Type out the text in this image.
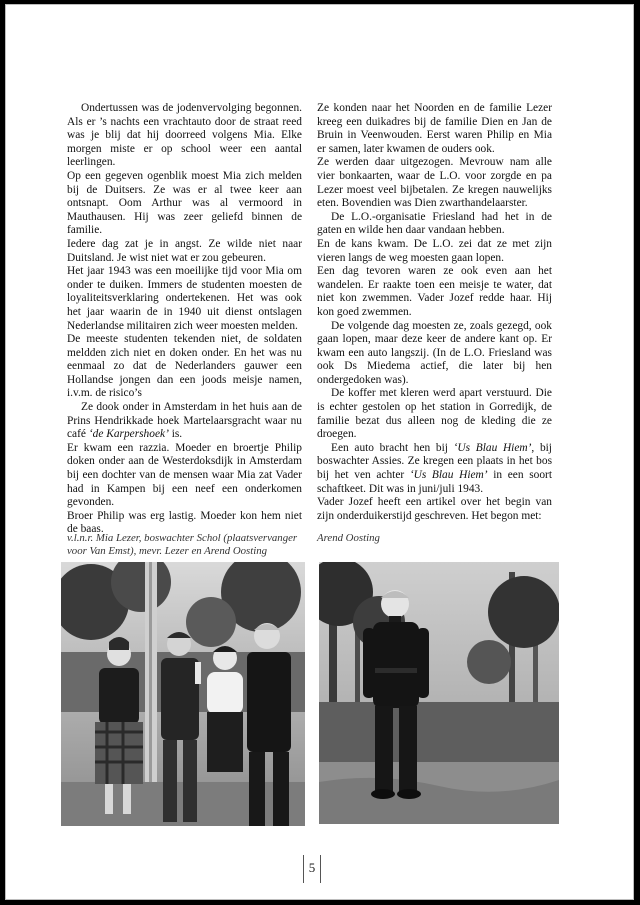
Ondertussen was de jodenvervolging begonnen. Als er ’s nachts een vrachtauto door de straat reed was je blij dat hij doorreed volgens Mia. Elke morgen miste er op school weer een aantal leerlingen.

Op een gegeven ogenblik moest Mia zich melden bij de Duitsers. Ze was er al twee keer aan ontsnapt. Oom Arthur was al vermoord in Mauthausen. Hij was zeer geliefd binnen de familie.

Iedere dag zat je in angst. Ze wilde niet naar Duitsland. Je wist niet wat er zou gebeuren.

Het jaar 1943 was een moeilijke tijd voor Mia om onder te duiken. Immers de studenten moesten de loyaliteitsverklaring ondertekenen. Het was ook het jaar waarin de in 1940 uit dienst ontslagen Nederlandse militairen zich weer moesten melden.

De meeste studenten tekenden niet, de soldaten meldden zich niet en doken onder. En het was nu eenmaal zo dat de Nederlanders gauwer een Hollandse jongen dan een joods meisje namen, i.v.m. de risico’s

Ze dook onder in Amsterdam in het huis aan de Prins Hendrikkade hoek Martelaarsgracht waar nu café ‘de Karpershoek’ is.

Er kwam een razzia. Moeder en broertje Philip doken onder aan de Westerdoksdijk in Amsterdam bij een dochter van de mensen waar Mia zat Vader had in Kampen bij een neef een onderkomen gevonden.

Broer Philip was erg lastig. Moeder kon hem niet de baas.

Ze konden naar het Noorden en de familie Lezer kreeg een duikadres bij de familie Dien en Jan de Bruin in Veenwouden. Eerst waren Philip en Mia er samen, later kwamen de ouders ook.

Ze werden daar uitgezogen. Mevrouw nam alle vier bonkaarten, waar de L.O. voor zorgde en pa Lezer moest veel bijbetalen. Ze kregen nauwelijks eten. Bovendien was Dien zwarthandelaarster.

De L.O.-organisatie Friesland had het in de gaten en wilde hen daar vandaan hebben.

En de kans kwam. De L.O. zei dat ze met zijn vieren langs de weg moesten gaan lopen.

Een dag tevoren waren ze ook even aan het wandelen. Er raakte toen een meisje te water, dat niet kon zwemmen. Vader Jozef redde haar. Hij kon goed zwemmen.

De volgende dag moesten ze, zoals gezegd, ook gaan lopen, maar deze keer de andere kant op. Er kwam een auto langszij. (In de L.O. Friesland was ook Ds Miedema actief, die later bij hen ondergedoken was).

De koffer met kleren werd apart verstuurd. Die is echter gestolen op het station in Gorredijk, de familie bezat dus alleen nog de kleding die ze droegen.

Een auto bracht hen bij ‘Us Blau Hiem’, bij boswachter Assies. Ze kregen een plaats in het bos bij het ven achter ‘Us Blau Hiem’ in een soort schaftkeet. Dit was in juni/juli 1943.

Vader Jozef heeft een artikel over het begin van zijn onderduikerstijd geschreven. Het begon met:

v.l.n.r. Mia Lezer, boswachter Schol (plaatsvervanger voor Van Emst), mevr. Lezer en Arend Oosting
Arend Oosting
5
